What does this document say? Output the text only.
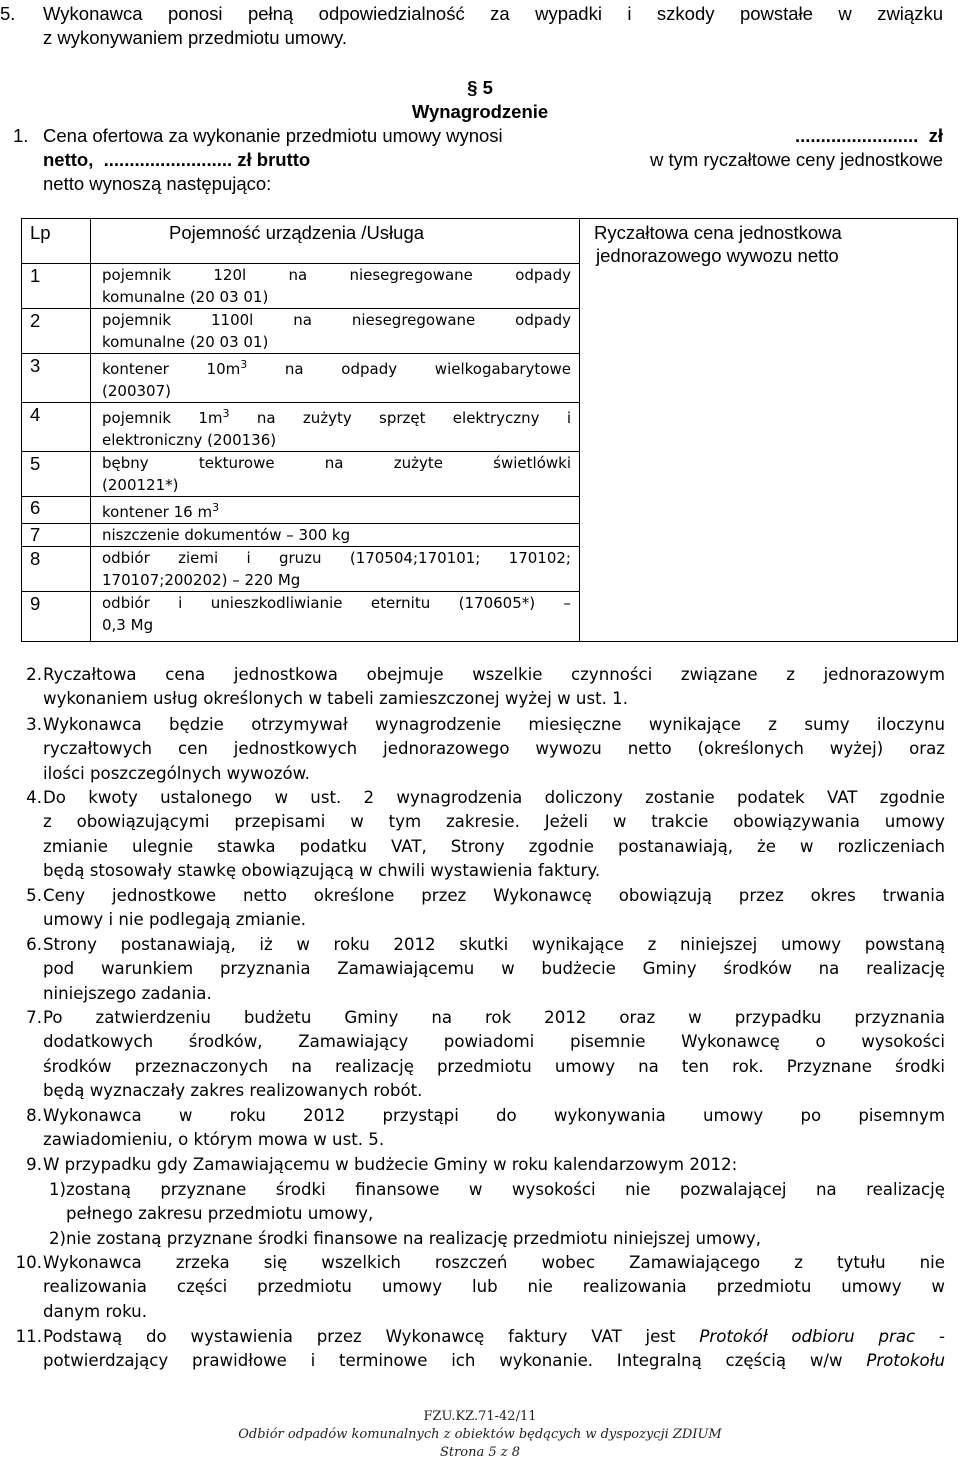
5. Wykonawca ponosi pełną odpowiedzialność za wypadki i szkody powstałe w związku
z wykonywaniem przedmiotu umowy.
§ 5
Wynagrodzenie
1. Cena ofertowa za wykonanie przedmiotu umowy wynosi	........................ zł
netto, ......................... zł brutto	w tym ryczałtowe ceny jednostkowe
netto wynoszą następująco:
Lp	Pojemność urządzenia /Usługa	Ryczałtowa cena jednostkowa
jednorazowego wywozu netto

1	pojemnik 120l na niesegregowane odpady
komunalne (20 03 01)	

2	pojemnik 1100l na niesegregowane odpady
komunalne (20 03 01)	

3	kontener $10m^3$ na odpady wielkogabarytowe
(200307)	

4	pojemnik $1m^3$ na zużyty sprzęt elektryczny i
elektroniczny (200136)	

5	bębny tekturowe na zużyte świetlówki
(200121*)	

6	kontener 16 $m^3$

7	niszczenie dokumentów – 300 kg	

8	odbiór ziemi i gruzu (170504;170101; 170102;
170107;200202) – 220 Mg	

9	odbiór i unieszkodliwianie eternitu (170605*) –
0,3 Mg	
2. Ryczałtowa cena jednostkowa obejmuje wszelkie czynności związane z jednorazowym
wykonaniem usług określonych w tabeli zamieszczonej wyżej w ust. 1.
3. Wykonawca będzie otrzymywał wynagrodzenie miesięczne wynikające z sumy iloczynu
ryczałtowych cen jednostkowych jednorazowego wywozu netto (określonych wyżej) oraz
ilości poszczególnych wywozów.
4. Do kwoty ustalonego w ust. 2 wynagrodzenia doliczony zostanie podatek VAT zgodnie
z obowiązującymi przepisami w tym zakresie. Jeżeli w trakcie obowiązywania umowy
zmianie ulegnie stawka podatku VAT, Strony zgodnie postanawiają, że w rozliczeniach
będą stosowały stawkę obowiązującą w chwili wystawienia faktury.
5. Ceny jednostkowe netto określone przez Wykonawcę obowiązują przez okres trwania
umowy i nie podlegają zmianie.
6. Strony postanawiają, iż w roku 2012 skutki wynikające z niniejszej umowy powstaną
pod warunkiem przyznania Zamawiającemu w budżecie Gminy środków na realizację
niniejszego zadania.
7. Po zatwierdzeniu budżetu Gminy na rok 2012 oraz w przypadku przyznania
dodatkowych środków, Zamawiający powiadomi pisemnie Wykonawcę o wysokości
środków przeznaczonych na realizację przedmiotu umowy na ten rok. Przyznane środki
będą wyznaczały zakres realizowanych robót.
8. Wykonawca w roku 2012 przystąpi do wykonywania umowy po pisemnym
zawiadomieniu, o którym mowa w ust. 5.
9. W przypadku gdy Zamawiającemu w budżecie Gminy w roku kalendarzowym 2012:
1) zostaną przyznane środki finansowe w wysokości nie pozwalającej na realizację
pełnego zakresu przedmiotu umowy,
2) nie zostaną przyznane środki finansowe na realizację przedmiotu niniejszej umowy,
10. Wykonawca zrzeka się wszelkich roszczeń wobec Zamawiającego z tytułu nie
realizowania części przedmiotu umowy lub nie realizowania przedmiotu umowy w
danym roku.
11. Podstawą do wystawienia przez Wykonawcę faktury VAT jest Protokół odbioru prac -
potwierdzający prawidłowe i terminowe ich wykonanie. Integralną częścią w/w Protokołu
FZU.KZ.71-42/11
Odbiór odpadów komunalnych z obiektów będących w dyspozycji ZDIUM
Strona 5 z 8
